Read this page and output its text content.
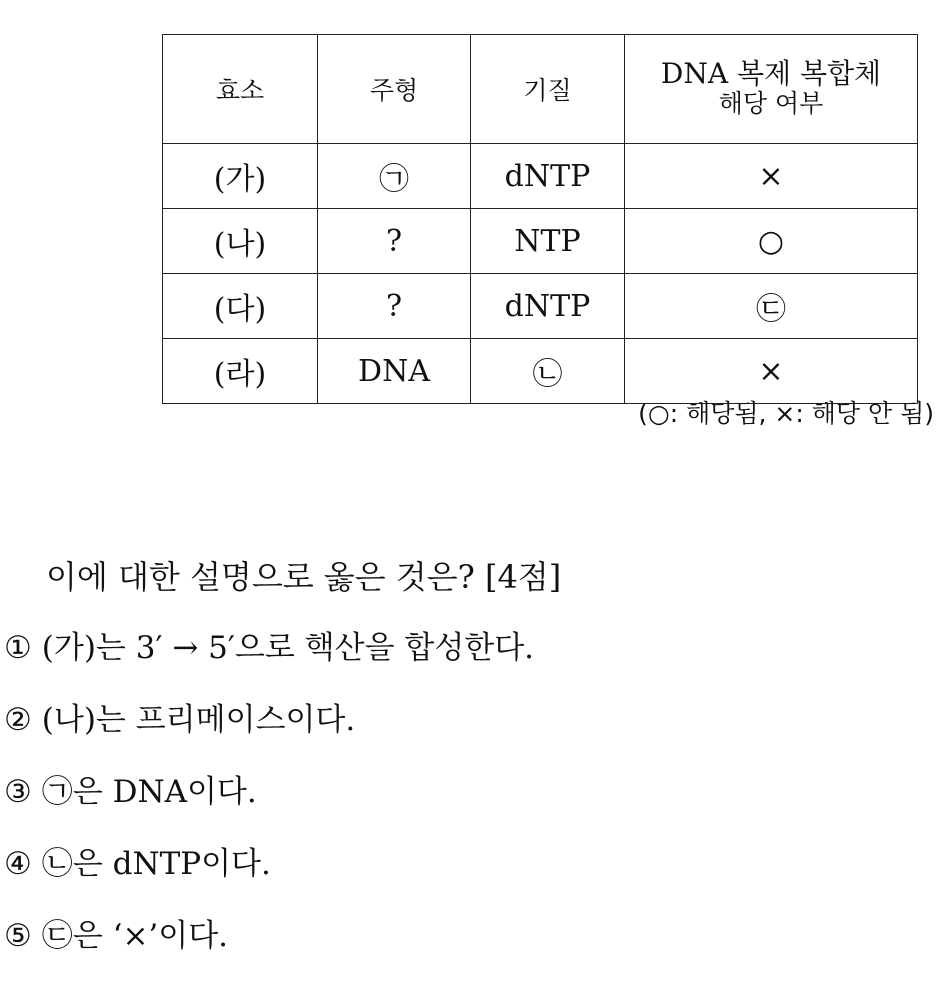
효소	주형	기질	DNA 복제 복합체
해당 여부

(가)	㉠	dNTP	×
(나)	?	NTP	○
(다)	?	dNTP	㉢
(라)	DNA	㉡	×
(○: 해당됨, ×: 해당 안 됨)
이에 대한 설명으로 옳은 것은? [4점]
① (가)는 3′ → 5′으로 핵산을 합성한다.
② (나)는 프리메이스이다.
③ ㉠은 DNA이다.
④ ㉡은 dNTP이다.
⑤ ㉢은 ‘×’이다.
